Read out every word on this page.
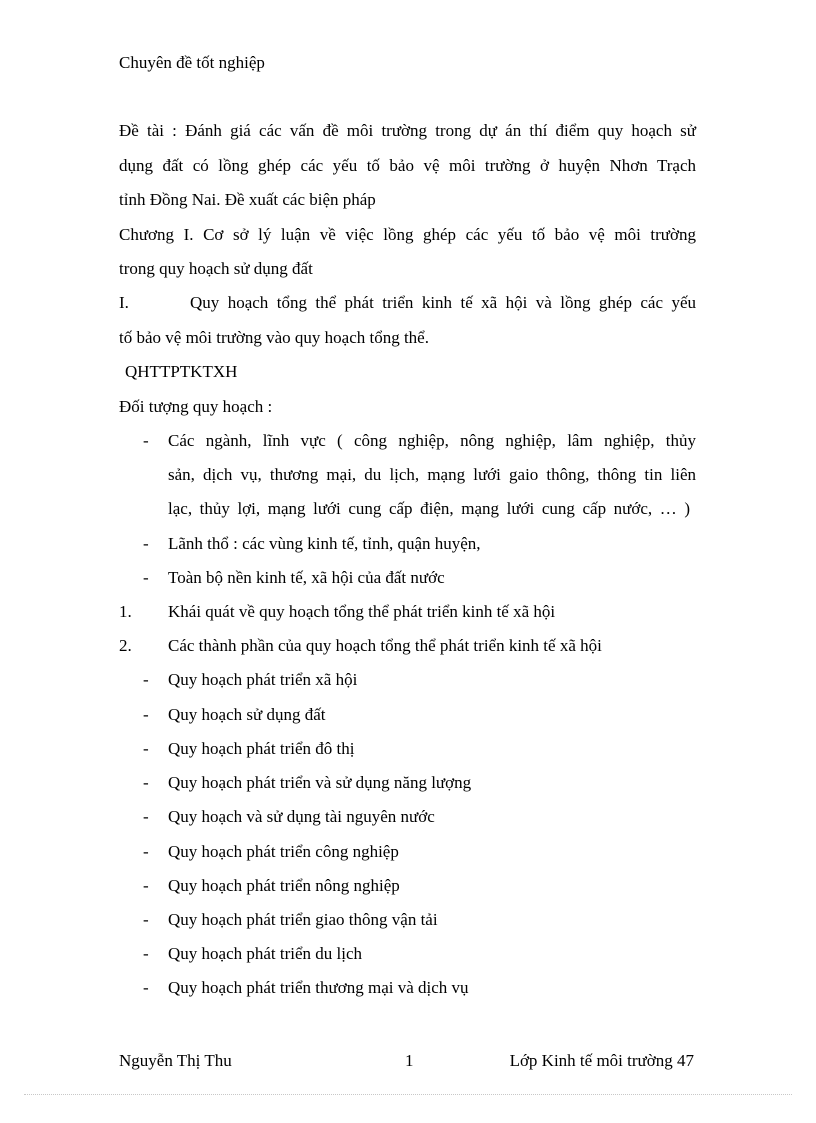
Chuyên đề tốt nghiệp
Đề tài : Đánh giá các vấn đề môi trường trong dự án thí điểm quy hoạch sử
dụng đất có lồng ghép các yếu tố bảo vệ môi trường ở huyện Nhơn Trạch
tỉnh Đồng Nai. Đề xuất các biện pháp
Chương I. Cơ sở lý luận về việc lồng ghép các yếu tố bảo vệ môi trường
trong quy hoạch sử dụng đất
I.	Quy hoạch tổng thể phát triển kinh tế xã hội và lồng ghép các yếu
tố bảo vệ môi trường vào quy hoạch tổng thể.
QHTTPTKTXH
Đối tượng quy hoạch :
- Các ngành, lĩnh vực ( công nghiệp, nông nghiệp, lâm nghiệp, thủy
sản, dịch vụ, thương mại, du lịch, mạng lưới gaio thông, thông tin liên
lạc, thủy lợi, mạng lưới cung cấp điện, mạng lưới cung cấp nước, … )
- Lãnh thổ : các vùng kinh tế, tỉnh, quận huyện,
- Toàn bộ nền kinh tế, xã hội của đất nước
1. Khái quát về quy hoạch tổng thể phát triển kinh tế xã hội
2. Các thành phần của quy hoạch tổng thể phát triển kinh tế xã hội
- Quy hoạch phát triển xã hội
- Quy hoạch sử dụng đất
- Quy hoạch phát triển đô thị
- Quy hoạch phát triển và sử dụng năng lượng
- Quy hoạch và sử dụng tài nguyên nước
- Quy hoạch phát triển công nghiệp
- Quy hoạch phát triển nông nghiệp
- Quy hoạch phát triển giao thông vận tải
- Quy hoạch phát triển du lịch
- Quy hoạch phát triển thương mại và dịch vụ
Nguyễn Thị Thu	1	Lớp Kinh tế môi trường 47
